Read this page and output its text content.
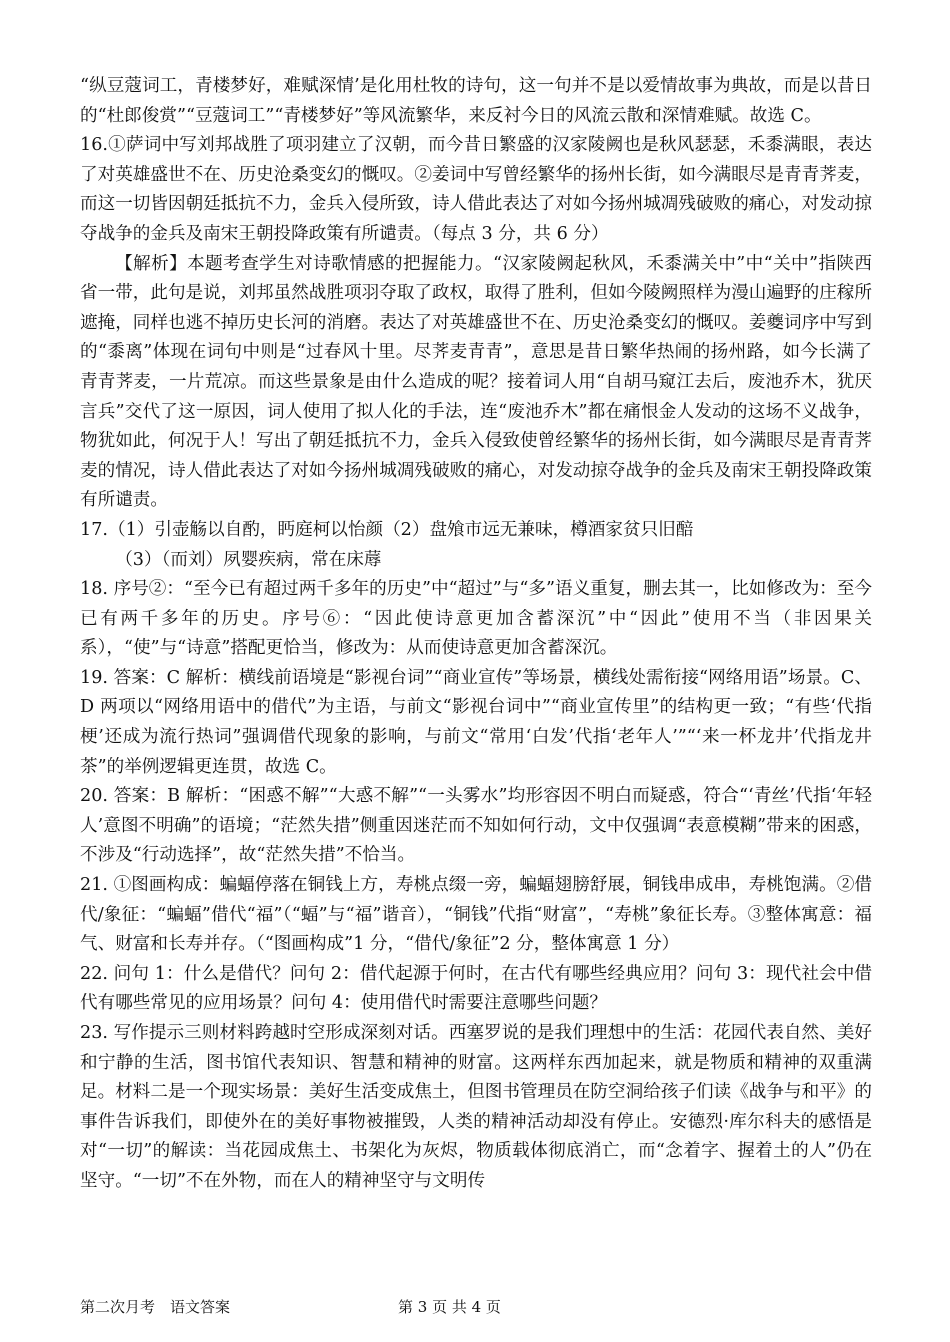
“纵豆蔻词工，青楼梦好，难赋深情’是化用杜牧的诗句，这一句并不是以爱情故事为典故，而是以昔日的“杜郎俊赏”“豆蔻词工”“青楼梦好”等风流繁华，来反衬今日的风流云散和深情难赋。故选 C。

16.①萨词中写刘邦战胜了项羽建立了汉朝，而今昔日繁盛的汉家陵阙也是秋风瑟瑟，禾黍满眼，表达了对英雄盛世不在、历史沧桑变幻的慨叹。②姜词中写曾经繁华的扬州长街，如今满眼尽是青青荠麦，而这一切皆因朝廷抵抗不力，金兵入侵所致，诗人借此表达了对如今扬州城凋残破败的痛心，对发动掠夺战争的金兵及南宋王朝投降政策有所谴责。（每点 3 分，共 6 分）

【解析】本题考查学生对诗歌情感的把握能力。“汉家陵阙起秋风，禾黍满关中”中“关中”指陕西省一带，此句是说，刘邦虽然战胜项羽夺取了政权，取得了胜利，但如今陵阙照样为漫山遍野的庄稼所遮掩，同样也逃不掉历史长河的消磨。表达了对英雄盛世不在、历史沧桑变幻的慨叹。姜夔词序中写到的“黍离”体现在词句中则是“过春风十里。尽荠麦青青”，意思是昔日繁华热闹的扬州路，如今长满了青青荠麦，一片荒凉。而这些景象是由什么造成的呢？接着词人用“自胡马窥江去后，废池乔木，犹厌言兵”交代了这一原因，词人使用了拟人化的手法，连“废池乔木”都在痛恨金人发动的这场不义战争，物犹如此，何况于人！写出了朝廷抵抗不力，金兵入侵致使曾经繁华的扬州长街，如今满眼尽是青青荠麦的情况，诗人借此表达了对如今扬州城凋残破败的痛心，对发动掠夺战争的金兵及南宋王朝投降政策有所谴责。

17.（1）引壶觞以自酌，眄庭柯以怡颜（2）盘飧市远无兼味，樽酒家贫只旧醅

（3）（而刘）夙婴疾病，常在床蓐

18. 序号②：“至今已有超过两千多年的历史”中“超过”与“多”语义重复，删去其一，比如修改为：至今已有两千多年的历史。序号⑥：“因此使诗意更加含蓄深沉”中“因此”使用不当（非因果关系），“使”与“诗意”搭配更恰当，修改为：从而使诗意更加含蓄深沉。

19. 答案：C 解析：横线前语境是“影视台词”“商业宣传”等场景，横线处需衔接“网络用语”场景。C、D 两项以“网络用语中的借代”为主语，与前文“影视台词中”“商业宣传里”的结构更一致；“有些‘代指梗’还成为流行热词”强调借代现象的影响，与前文“常用‘白发’代指‘老年人’”“‘来一杯龙井’代指龙井茶”的举例逻辑更连贯，故选 C。

20. 答案：B 解析：“困惑不解”“大惑不解”“一头雾水”均形容因不明白而疑惑，符合“‘青丝’代指‘年轻人’意图不明确”的语境；“茫然失措”侧重因迷茫而不知如何行动，文中仅强调“表意模糊”带来的困惑，不涉及“行动选择”，故“茫然失措”不恰当。

21. ①图画构成：蝙蝠停落在铜钱上方，寿桃点缀一旁，蝙蝠翅膀舒展，铜钱串成串，寿桃饱满。②借代/象征：“蝙蝠”借代“福”（“蝠”与“福”谐音），“铜钱”代指“财富”，“寿桃”象征长寿。③整体寓意：福气、财富和长寿并存。（“图画构成”1 分，“借代/象征”2 分，整体寓意 1 分）

22. 问句 1：什么是借代？问句 2：借代起源于何时，在古代有哪些经典应用？问句 3：现代社会中借代有哪些常见的应用场景？问句 4：使用借代时需要注意哪些问题？

23. 写作提示三则材料跨越时空形成深刻对话。西塞罗说的是我们理想中的生活：花园代表自然、美好和宁静的生活，图书馆代表知识、智慧和精神的财富。这两样东西加起来，就是物质和精神的双重满足。材料二是一个现实场景：美好生活变成焦土，但图书管理员在防空洞给孩子们读《战争与和平》的事件告诉我们，即使外在的美好事物被摧毁，人类的精神活动却没有停止。安德烈·库尔科夫的感悟是对“一切”的解读：当花园成焦土、书架化为灰烬，物质载体彻底消亡，而“念着字、握着土的人”仍在坚守。“一切”不在外物，而在人的精神坚守与文明传

第二次月考　语文答案	第 3 页 共 4 页
